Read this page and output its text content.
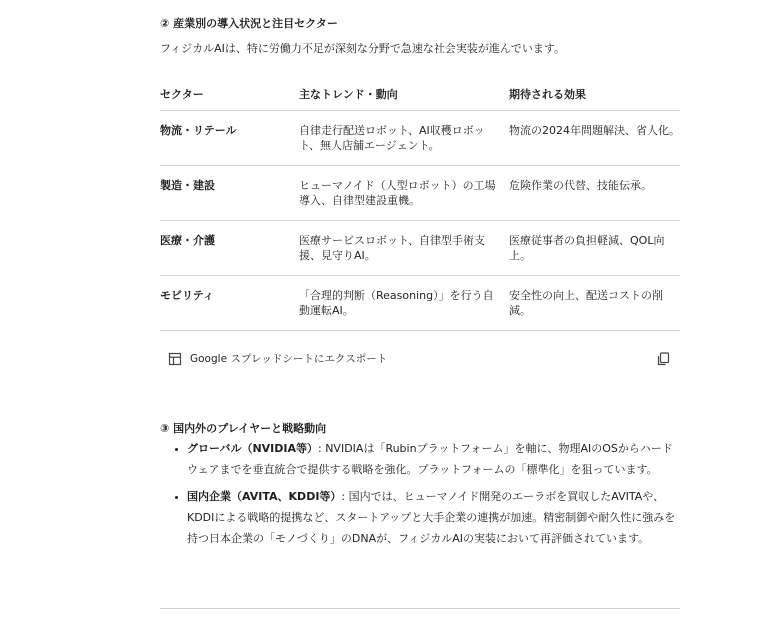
② 産業別の導入状況と注目セクター
フィジカルAIは、特に労働力不足が深刻な分野で急速な社会実装が進んでいます。
セクター	主なトレンド・動向	期待される効果
物流・リテール	自律走行配送ロボット、AI収穫ロボット、無人店舗エージェント。	物流の2024年問題解決、省人化。
製造・建設	ヒューマノイド（人型ロボット）の工場導入、自律型建設重機。	危険作業の代替、技能伝承。
医療・介護	医療サービスロボット、自律型手術支援、見守りAI。	医療従事者の負担軽減、QOL向上。
モビリティ	「合理的判断（Reasoning）」を行う自動運転AI。	安全性の向上、配送コストの削減。
Google スプレッドシートにエクスポート
③ 国内外のプレイヤーと戦略動向
• グローバル（NVIDIA等）: NVIDIAは「Rubinプラットフォーム」を軸に、物理AIのOSからハードウェアまでを垂直統合で提供する戦略を強化。プラットフォームの「標準化」を狙っています。
• 国内企業（AVITA、KDDI等）: 国内では、ヒューマノイド開発のエーラボを買収したAVITAや、KDDIによる戦略的提携など、スタートアップと大手企業の連携が加速。精密制御や耐久性に強みを持つ日本企業の「モノづくり」のDNAが、フィジカルAIの実装において再評価されています。
